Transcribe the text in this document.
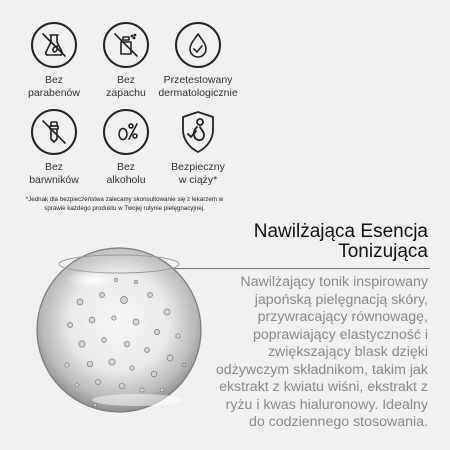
Bez
parabenów
Bez
zapachu
Przetestowany
dermatologicznie
Bez
barwników
Bez
alkoholu
Bezpieczny
w ciąży*
*Jednak dla bezpieczeństwa zalecamy skonsultowanie się z lekarzem w sprawie każdego produktu w Twojej rutynie pielęgnacyjnej.
Nawilżająca Esencja Tonizująca
Nawilżający tonik inspirowany japońską pielęgnacją skóry, przywracający równowagę, poprawiający elastyczność i zwiększający blask dzięki odżywczym składnikom, takim jak ekstrakt z kwiatu wiśni, ekstrakt z ryżu i kwas hialuronowy. Idealny do codziennego stosowania.
